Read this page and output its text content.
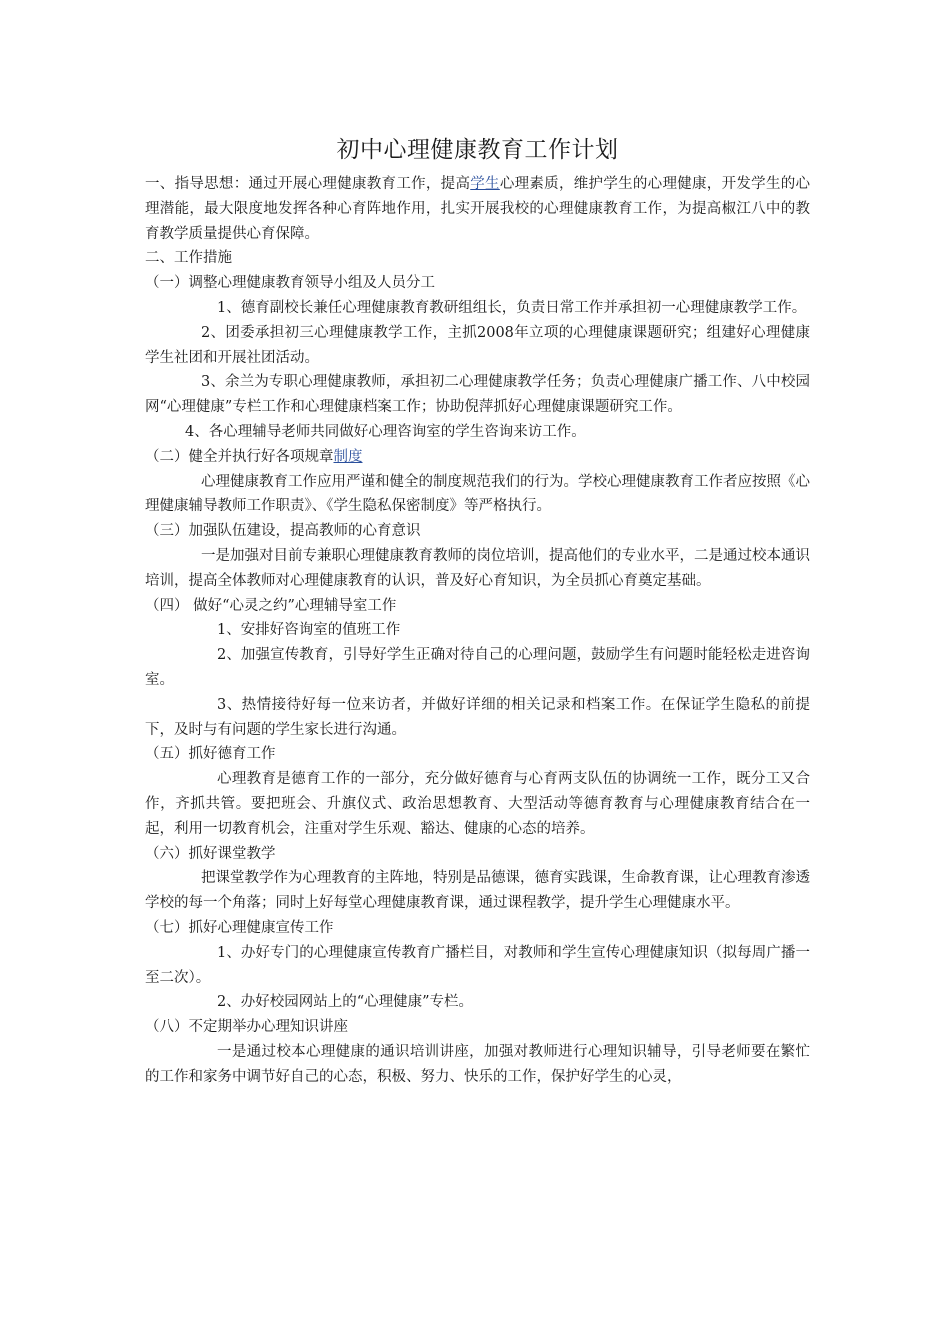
初中心理健康教育工作计划

一、指导思想：通过开展心理健康教育工作，提高学生心理素质，维护学生的心理健康，开发学生的心理潜能，最大限度地发挥各种心育阵地作用，扎实开展我校的心理健康教育工作，为提高椒江八中的教育教学质量提供心育保障。

二、工作措施

（一）调整心理健康教育领导小组及人员分工

1、德育副校长兼任心理健康教育教研组组长，负责日常工作并承担初一心理健康教学工作。

2、团委承担初三心理健康教学工作，主抓2008年立项的心理健康课题研究；组建好心理健康学生社团和开展社团活动。

3、余兰为专职心理健康教师，承担初二心理健康教学任务；负责心理健康广播工作、八中校园网“心理健康”专栏工作和心理健康档案工作；协助倪萍抓好心理健康课题研究工作。

4、各心理辅导老师共同做好心理咨询室的学生咨询来访工作。

（二）健全并执行好各项规章制度

心理健康教育工作应用严谨和健全的制度规范我们的行为。学校心理健康教育工作者应按照《心理健康辅导教师工作职责》、《学生隐私保密制度》等严格执行。

（三）加强队伍建设，提高教师的心育意识

一是加强对目前专兼职心理健康教育教师的岗位培训，提高他们的专业水平，二是通过校本通识培训，提高全体教师对心理健康教育的认识，普及好心育知识，为全员抓心育奠定基础。

（四） 做好“心灵之约”心理辅导室工作

1、安排好咨询室的值班工作

2、加强宣传教育，引导好学生正确对待自己的心理问题，鼓励学生有问题时能轻松走进咨询室。

3、热情接待好每一位来访者，并做好详细的相关记录和档案工作。在保证学生隐私的前提下，及时与有问题的学生家长进行沟通。

（五）抓好德育工作

心理教育是德育工作的一部分，充分做好德育与心育两支队伍的协调统一工作，既分工又合作，齐抓共管。要把班会、升旗仪式、政治思想教育、大型活动等德育教育与心理健康教育结合在一起，利用一切教育机会，注重对学生乐观、豁达、健康的心态的培养。

（六）抓好课堂教学

把课堂教学作为心理教育的主阵地，特别是品德课，德育实践课，生命教育课，让心理教育渗透学校的每一个角落；同时上好每堂心理健康教育课，通过课程教学，提升学生心理健康水平。

（七）抓好心理健康宣传工作

1、办好专门的心理健康宣传教育广播栏目，对教师和学生宣传心理健康知识（拟每周广播一至二次）。

2、办好校园网站上的“心理健康”专栏。

（八）不定期举办心理知识讲座

一是通过校本心理健康的通识培训讲座，加强对教师进行心理知识辅导，引导老师要在繁忙的工作和家务中调节好自己的心态，积极、努力、快乐的工作，保护好学生的心灵，
